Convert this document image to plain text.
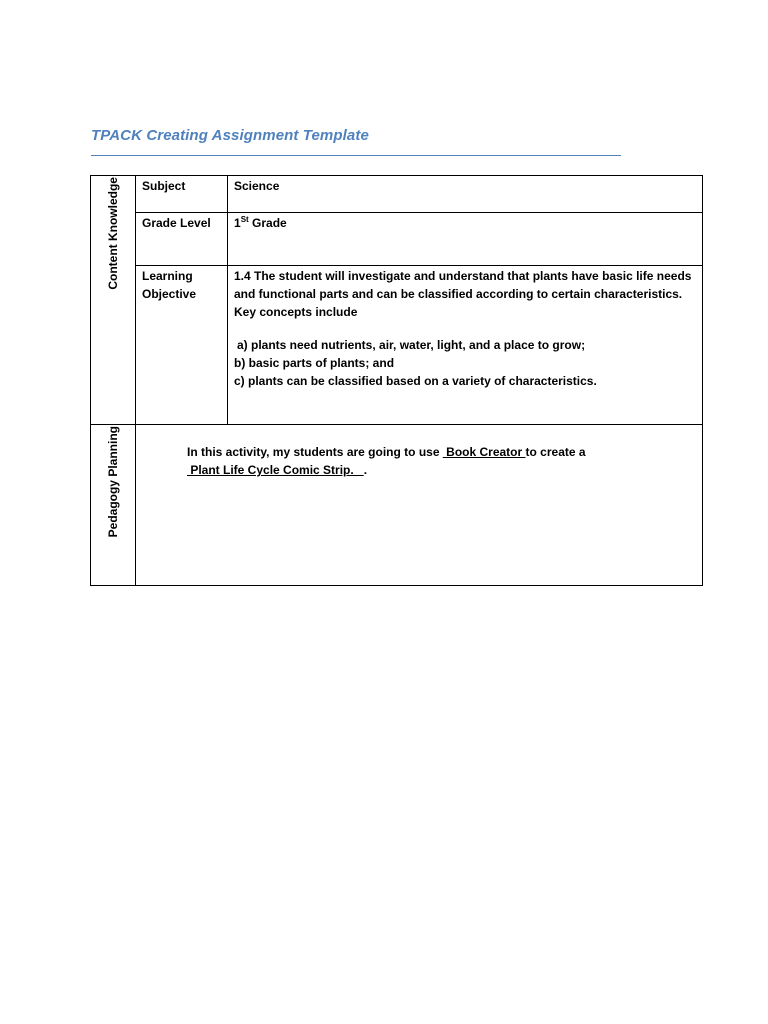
TPACK Creating Assignment Template
Content Knowledge	Subject	Science
	Grade Level	1St Grade
	Learning Objective	1.4 The student will investigate and understand that plants have basic life needs and functional parts and can be classified according to certain characteristics. Key concepts include

a) plants need nutrients, air, water, light, and a place to grow;
b) basic parts of plants; and
c) plants can be classified based on a variety of characteristics.

Pedagogy Planning	In this activity, my students are going to use  Book Creator to create a  Plant Life Cycle Comic Strip.   .	
